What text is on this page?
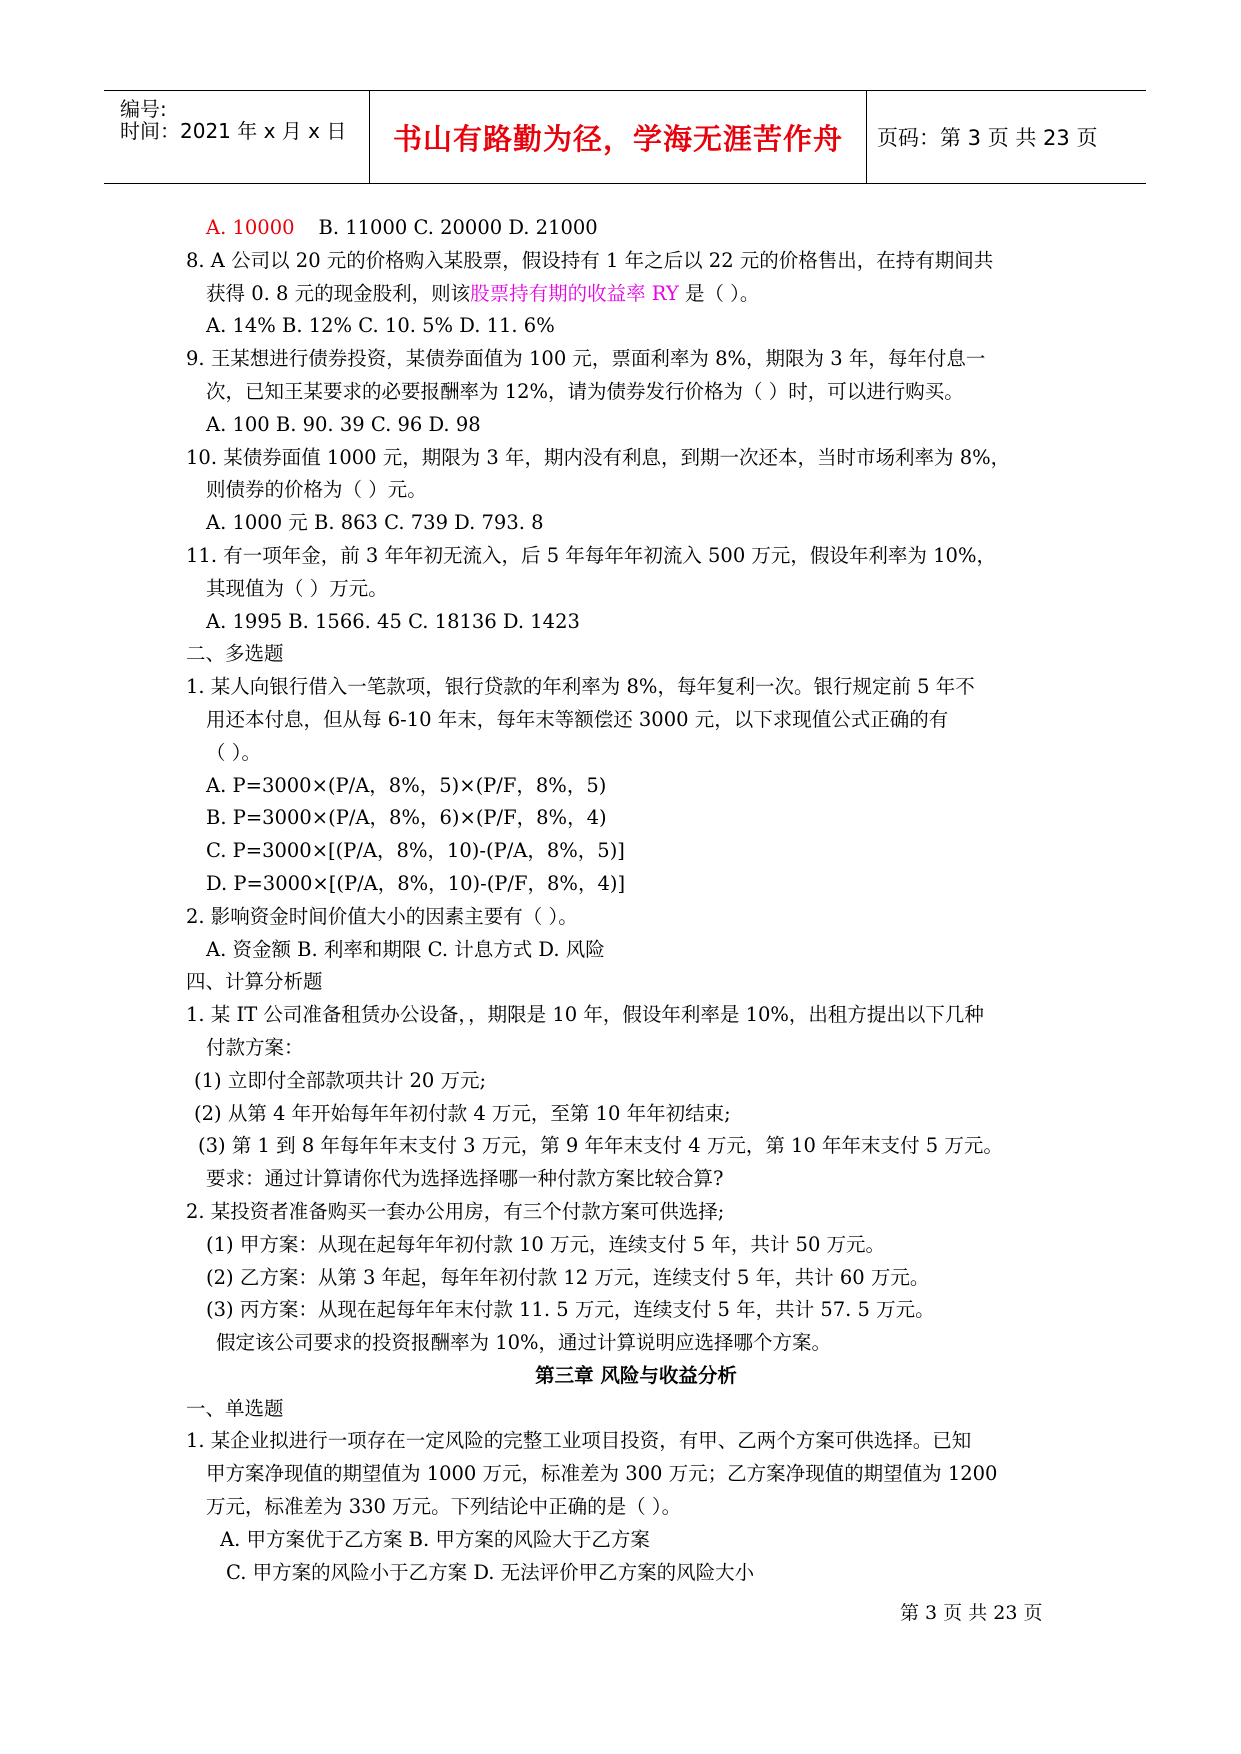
编号:
时间：2021 年 x 月 x 日 书山有路勤为径，学海无涯苦作舟 页码：第 3 页 共 23 页
A. 10000 B. 11000 C. 20000 D. 21000
8. A 公司以 20 元的价格购入某股票，假设持有 1 年之后以 22 元的价格售出，在持有期间共
获得 0. 8 元的现金股利，则该股票持有期的收益率 RY 是（ ）。
A. 14% B. 12% C. 10. 5% D. 11. 6%
9. 王某想进行债券投资，某债券面值为 100 元，票面利率为 8%，期限为 3 年，每年付息一
次，已知王某要求的必要报酬率为 12%，请为债券发行价格为（ ）时，可以进行购买。
A. 100 B. 90. 39 C. 96 D. 98
10. 某债券面值 1000 元，期限为 3 年，期内没有利息，到期一次还本，当时市场利率为 8%，
则债券的价格为（ ）元。
A. 1000 元 B. 863 C. 739 D. 793. 8
11. 有一项年金，前 3 年年初无流入，后 5 年每年年初流入 500 万元，假设年利率为 10%，
其现值为（ ）万元。
A. 1995 B. 1566. 45 C. 18136 D. 1423
二、多选题
1. 某人向银行借入一笔款项，银行贷款的年利率为 8%，每年复利一次。银行规定前 5 年不
用还本付息，但从每 6-10 年末，每年末等额偿还 3000 元，以下求现值公式正确的有
（ ）。
A. P=3000×(P/A，8%，5)×(P/F，8%，5)
B. P=3000×(P/A，8%，6)×(P/F，8%，4)
C. P=3000×[(P/A，8%，10)-(P/A，8%，5)]
D. P=3000×[(P/A，8%，10)-(P/F，8%，4)]
2. 影响资金时间价值大小的因素主要有（ ）。
A. 资金额 B. 利率和期限 C. 计息方式 D. 风险
四、计算分析题
1. 某 IT 公司准备租赁办公设备，，期限是 10 年，假设年利率是 10%，出租方提出以下几种
付款方案：
(1) 立即付全部款项共计 20 万元;
(2) 从第 4 年开始每年年初付款 4 万元，至第 10 年年初结束;
(3) 第 1 到 8 年每年年末支付 3 万元，第 9 年年末支付 4 万元，第 10 年年末支付 5 万元。
要求：通过计算请你代为选择选择哪一种付款方案比较合算?
2. 某投资者准备购买一套办公用房，有三个付款方案可供选择;
(1) 甲方案：从现在起每年年初付款 10 万元，连续支付 5 年，共计 50 万元。
(2) 乙方案：从第 3 年起，每年年初付款 12 万元，连续支付 5 年，共计 60 万元。
(3) 丙方案：从现在起每年年末付款 11. 5 万元，连续支付 5 年，共计 57. 5 万元。
假定该公司要求的投资报酬率为 10%，通过计算说明应选择哪个方案。
第三章 风险与收益分析
一、单选题
1. 某企业拟进行一项存在一定风险的完整工业项目投资，有甲、乙两个方案可供选择。已知
甲方案净现值的期望值为 1000 万元，标准差为 300 万元；乙方案净现值的期望值为 1200
万元，标准差为 330 万元。下列结论中正确的是（ ）。
A. 甲方案优于乙方案 B. 甲方案的风险大于乙方案
C. 甲方案的风险小于乙方案 D. 无法评价甲乙方案的风险大小
第 3 页 共 23 页
